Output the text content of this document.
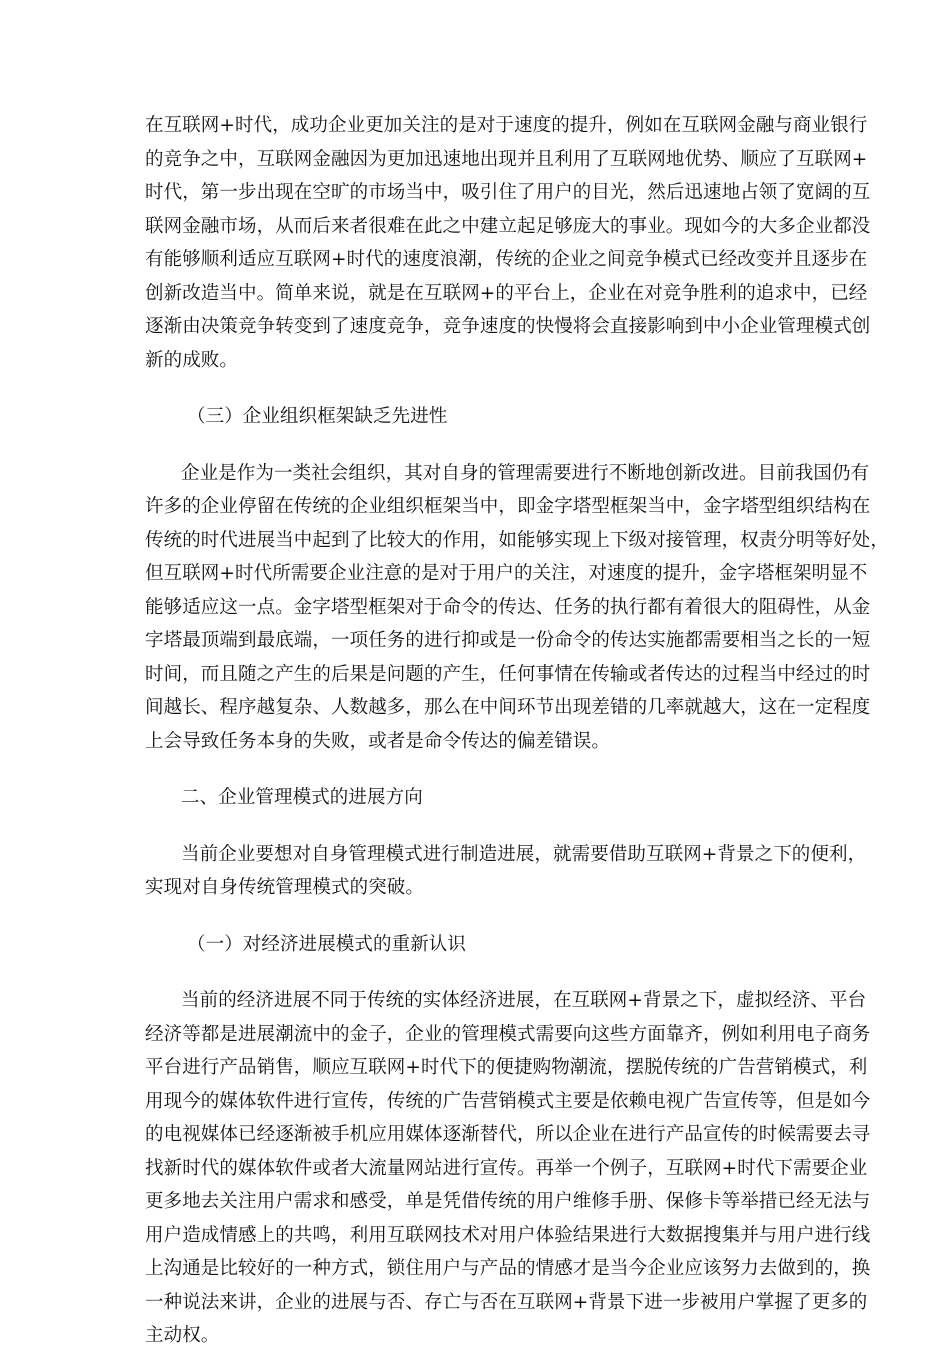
在互联网+时代，成功企业更加关注的是对于速度的提升，例如在互联网金融与商业银行
的竞争之中，互联网金融因为更加迅速地出现并且利用了互联网地优势、顺应了互联网+
时代，第一步出现在空旷的市场当中，吸引住了用户的目光，然后迅速地占领了宽阔的互
联网金融市场，从而后来者很难在此之中建立起足够庞大的事业。现如今的大多企业都没
有能够顺利适应互联网+时代的速度浪潮，传统的企业之间竞争模式已经改变并且逐步在
创新改造当中。简单来说，就是在互联网+的平台上，企业在对竞争胜利的追求中，已经
逐渐由决策竞争转变到了速度竞争，竞争速度的快慢将会直接影响到中小企业管理模式创
新的成败。
（三）企业组织框架缺乏先进性
企业是作为一类社会组织，其对自身的管理需要进行不断地创新改进。目前我国仍有
许多的企业停留在传统的企业组织框架当中，即金字塔型框架当中，金字塔型组织结构在
传统的时代进展当中起到了比较大的作用，如能够实现上下级对接管理，权责分明等好处，
但互联网+时代所需要企业注意的是对于用户的关注，对速度的提升，金字塔框架明显不
能够适应这一点。金字塔型框架对于命令的传达、任务的执行都有着很大的阻碍性，从金
字塔最顶端到最底端，一项任务的进行抑或是一份命令的传达实施都需要相当之长的一短
时间，而且随之产生的后果是问题的产生，任何事情在传输或者传达的过程当中经过的时
间越长、程序越复杂、人数越多，那么在中间环节出现差错的几率就越大，这在一定程度
上会导致任务本身的失败，或者是命令传达的偏差错误。
二、企业管理模式的进展方向
当前企业要想对自身管理模式进行制造进展，就需要借助互联网+背景之下的便利，
实现对自身传统管理模式的突破。
（一）对经济进展模式的重新认识
当前的经济进展不同于传统的实体经济进展，在互联网+背景之下，虚拟经济、平台
经济等都是进展潮流中的金子，企业的管理模式需要向这些方面靠齐，例如利用电子商务
平台进行产品销售，顺应互联网+时代下的便捷购物潮流，摆脱传统的广告营销模式，利
用现今的媒体软件进行宣传，传统的广告营销模式主要是依赖电视广告宣传等，但是如今
的电视媒体已经逐渐被手机应用媒体逐渐替代，所以企业在进行产品宣传的时候需要去寻
找新时代的媒体软件或者大流量网站进行宣传。再举一个例子，互联网+时代下需要企业
更多地去关注用户需求和感受，单是凭借传统的用户维修手册、保修卡等举措已经无法与
用户造成情感上的共鸣，利用互联网技术对用户体验结果进行大数据搜集并与用户进行线
上沟通是比较好的一种方式，锁住用户与产品的情感才是当今企业应该努力去做到的，换
一种说法来讲，企业的进展与否、存亡与否在互联网+背景下进一步被用户掌握了更多的
主动权。
